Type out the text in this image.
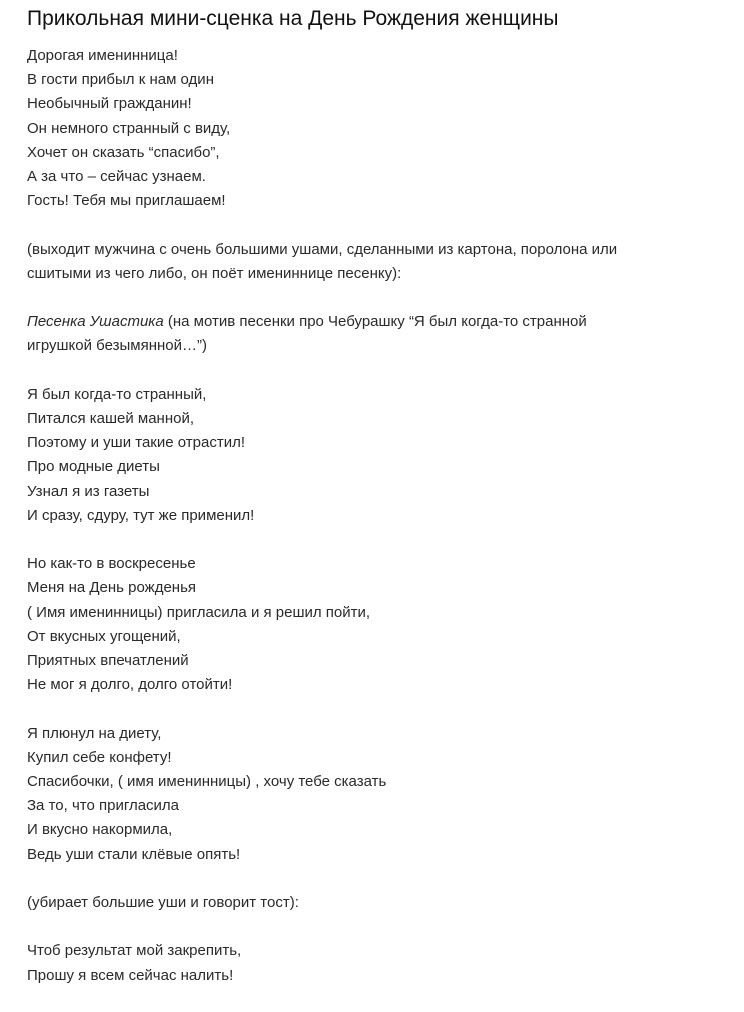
Прикольная мини-сценка на День Рождения женщины
Дорогая именинница!
В гости прибыл к нам один
Необычный гражданин!
Он немного странный с виду,
Хочет он сказать “спасибо”,
А за что – сейчас узнаем.
Гость! Тебя мы приглашаем!
(выходит мужчина с очень большими ушами, сделанными из картона, поролона или
сшитыми из чего либо, он поёт имениннице песенку):
Песенка Ушастика (на мотив песенки про Чебурашку “Я был когда-то странной
игрушкой безымянной…”)
Я был когда-то странный,
Питался кашей манной,
Поэтому и уши такие отрастил!
Про модные диеты
Узнал я из газеты
И сразу, сдуру, тут же применил!
Но как-то в воскресенье
Меня на День рожденья
( Имя именинницы) пригласила и я решил пойти,
От вкусных угощений,
Приятных впечатлений
Не мог я долго, долго отойти!
Я плюнул на диету,
Купил себе конфету!
Спасибочки, ( имя именинницы) , хочу тебе сказать
За то, что пригласила
И вкусно накормила,
Ведь уши стали клёвые опять!
(убирает большие уши и говорит тост):
Чтоб результат мой закрепить,
Прошу я всем сейчас налить!
